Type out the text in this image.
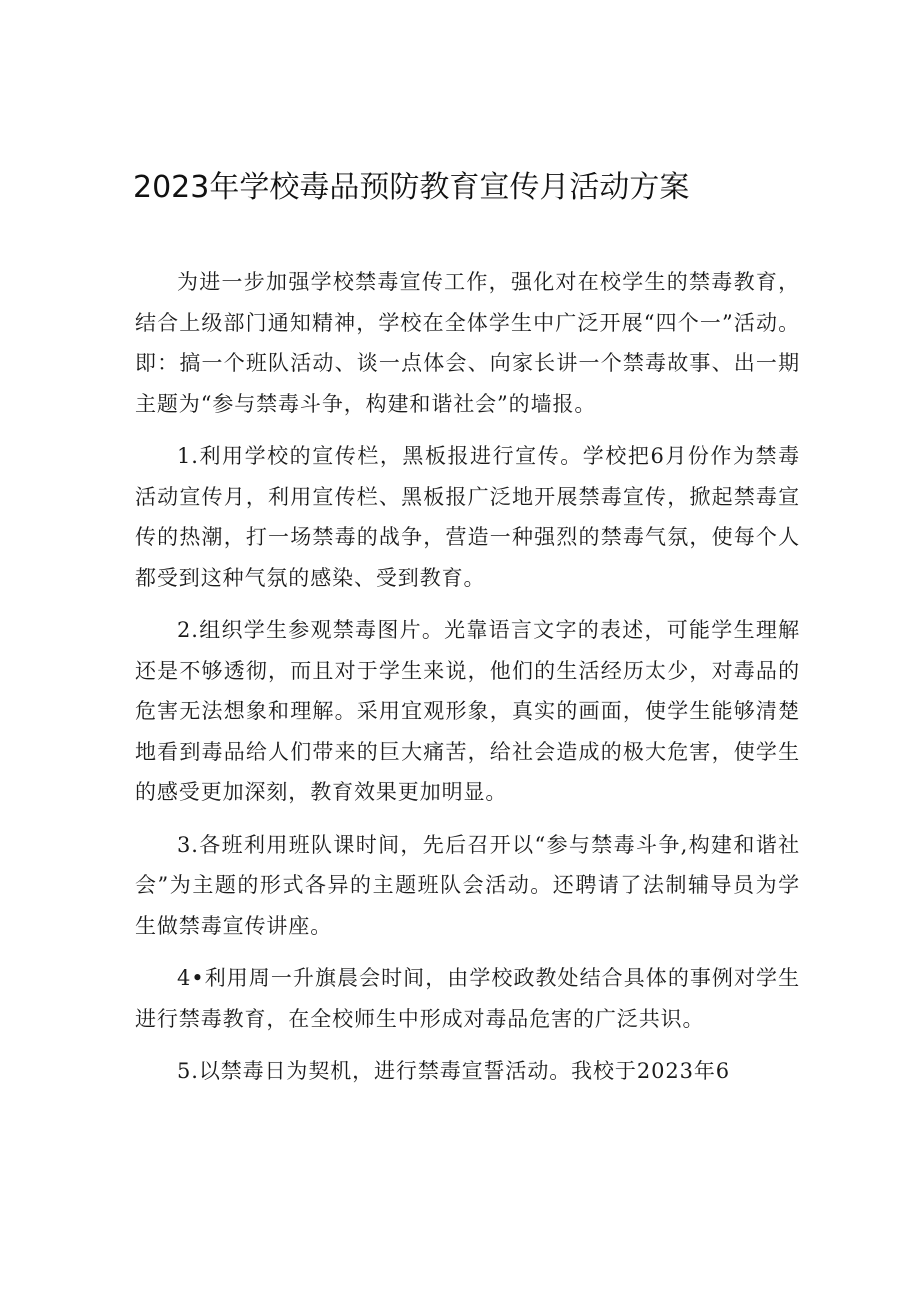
2023年学校毒品预防教育宣传月活动方案

为进一步加强学校禁毒宣传工作，强化对在校学生的禁毒教育，结合上级部门通知精神，学校在全体学生中广泛开展“四个一”活动。即：搞一个班队活动、谈一点体会、向家长讲一个禁毒故事、出一期主题为“参与禁毒斗争，构建和谐社会”的墙报。

1.利用学校的宣传栏，黑板报进行宣传。学校把6月份作为禁毒活动宣传月，利用宣传栏、黑板报广泛地开展禁毒宣传，掀起禁毒宣传的热潮，打一场禁毒的战争，营造一种强烈的禁毒气氛，使每个人都受到这种气氛的感染、受到教育。

2.组织学生参观禁毒图片。光靠语言文字的表述，可能学生理解还是不够透彻，而且对于学生来说，他们的生活经历太少，对毒品的危害无法想象和理解。采用宜观形象，真实的画面，使学生能够清楚地看到毒品给人们带来的巨大痛苦，给社会造成的极大危害，使学生的感受更加深刻，教育效果更加明显。

3.各班利用班队课时间，先后召开以“参与禁毒斗争,构建和谐社会”为主题的形式各异的主题班队会活动。还聘请了法制辅导员为学生做禁毒宣传讲座。

4•利用周一升旗晨会时间，由学校政教处结合具体的事例对学生进行禁毒教育，在全校师生中形成对毒品危害的广泛共识。

5.以禁毒日为契机，进行禁毒宣誓活动。我校于2023年6
